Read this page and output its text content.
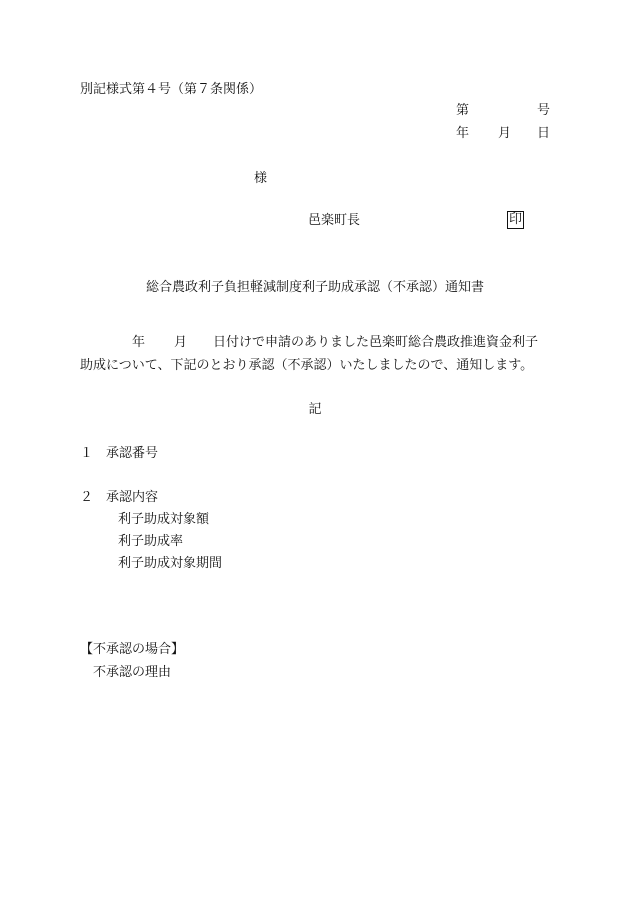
別記様式第４号（第７条関係）
第	号
年 月 日
様
邑楽町長	印
総合農政利子負担軽減制度利子助成承認（不承認）通知書
年 月 日付けで申請のありました邑楽町総合農政推進資金利子
助成について、下記のとおり承認（不承認）いたしましたので、通知します。
記
１ 承認番号
２ 承認内容
利子助成対象額
利子助成率
利子助成対象期間
【不承認の場合】
不承認の理由
